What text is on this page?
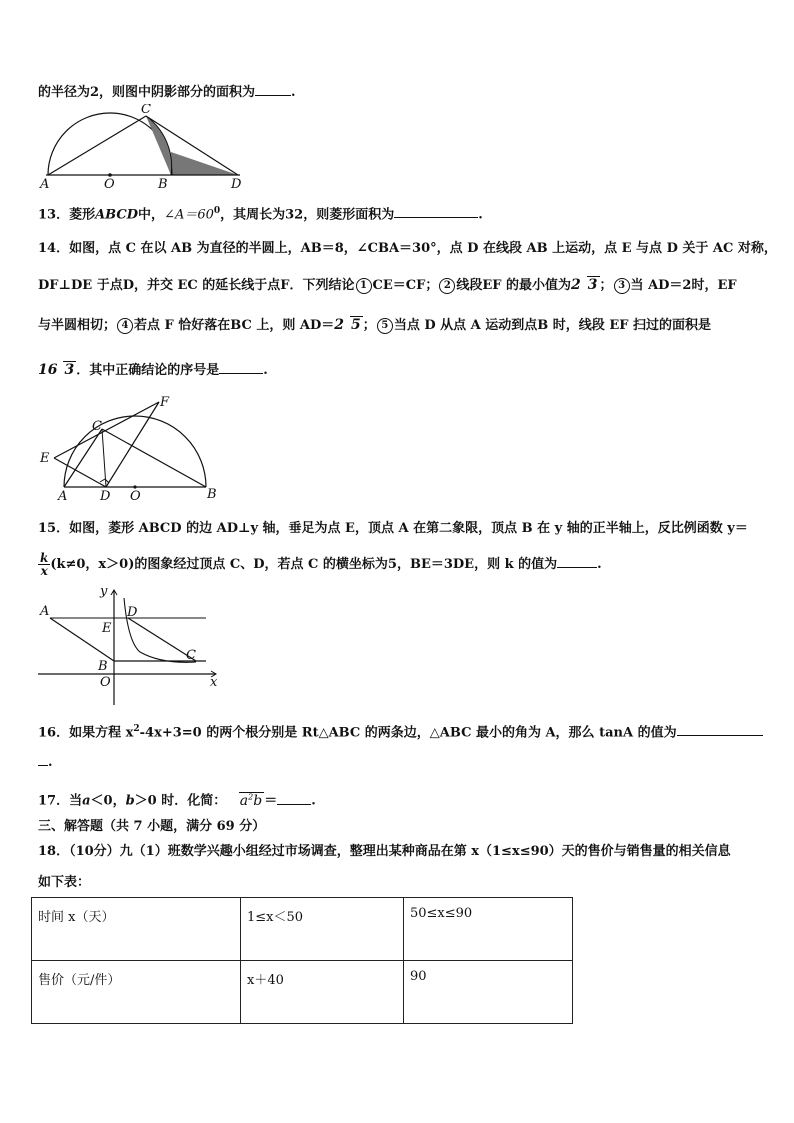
的半径为2，则图中阴影部分的面积为	.
A	O	B	D
C
13．菱形ABCD中，$\angle A=60^0$，其周长为32，则菱形面积为	.
14．如图，点 C 在以 AB 为直径的半圆上，AB＝8，∠CBA＝30°，点 D 在线段 AB 上运动，点 E 与点 D 关于 AC 对称，
DF⊥DE 于点D，并交 EC 的延长线于点F．下列结论 1 CE＝CF； 2 线段EF 的最小值为2 3 ； 3 当 AD＝2时，EF
与半圆相切； 4 若点 F 恰好落在BC 上，则 AD＝2 5 ； 5 当点 D 从点 A 运动到点B 时，线段 EF 扫过的面积是
16 3 ．其中正确结论的序号是	.
F
C
E
A	D O	B
15．如图，菱形 ABCD 的边 AD⊥y 轴，垂足为点 E，顶点 A 在第二象限，顶点 B 在 y 轴的正半轴上，反比例函数 y＝
$\frac{k}{x} (k\ne 0$，x＞0)的图象经过顶点 C、D，若点 C 的横坐标为5，BE＝3DE，则 k 的值为	.
y
A	D
E
C
B
O	x
16．如果方程 $x^2-4x+3=0$ 的两个根分别是 Rt△ABC 的两条边，△ABC 最小的角为 A，那么 tanA 的值为
.
17．当a＜0，b＞0 时．化简： $a^2b$ ＝	.
三、解答题（共 7 小题，满分 69 分）
18．（10分）九（1）班数学兴趣小组经过市场调查，整理出某种商品在第 x（1≤x≤90）天的售价与销售量的相关信息
如下表：
时间 x（天）	1≤x＜50	50≤x≤90
售价（元/件）	x＋40	90
